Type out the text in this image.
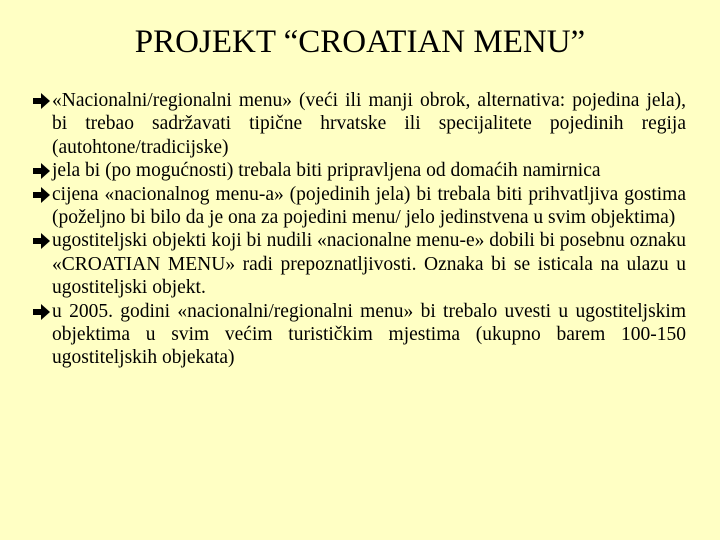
PROJEKT “CROATIAN MENU”
«Nacionalni/regionalni menu» (veći ili manji obrok, alternativa: pojedina jela), bi trebao sadržavati tipične hrvatske ili specijalitete pojedinih regija (autohtone/tradicijske)
jela bi (po mogućnosti) trebala biti pripravljena od domaćih namirnica
cijena «nacionalnog menu-a» (pojedinih jela) bi trebala biti prihvatljiva gostima (poželjno bi bilo da je ona za pojedini menu/ jelo jedinstvena u svim objektima)
ugostiteljski objekti koji bi nudili «nacionalne menu-e» dobili bi posebnu oznaku «CROATIAN MENU» radi prepoznatljivosti. Oznaka bi se isticala na ulazu u ugostiteljski objekt.
u 2005. godini «nacionalni/regionalni menu» bi trebalo uvesti u ugostiteljskim objektima u svim većim turističkim mjestima (ukupno barem 100-150 ugostiteljskih objekata)
